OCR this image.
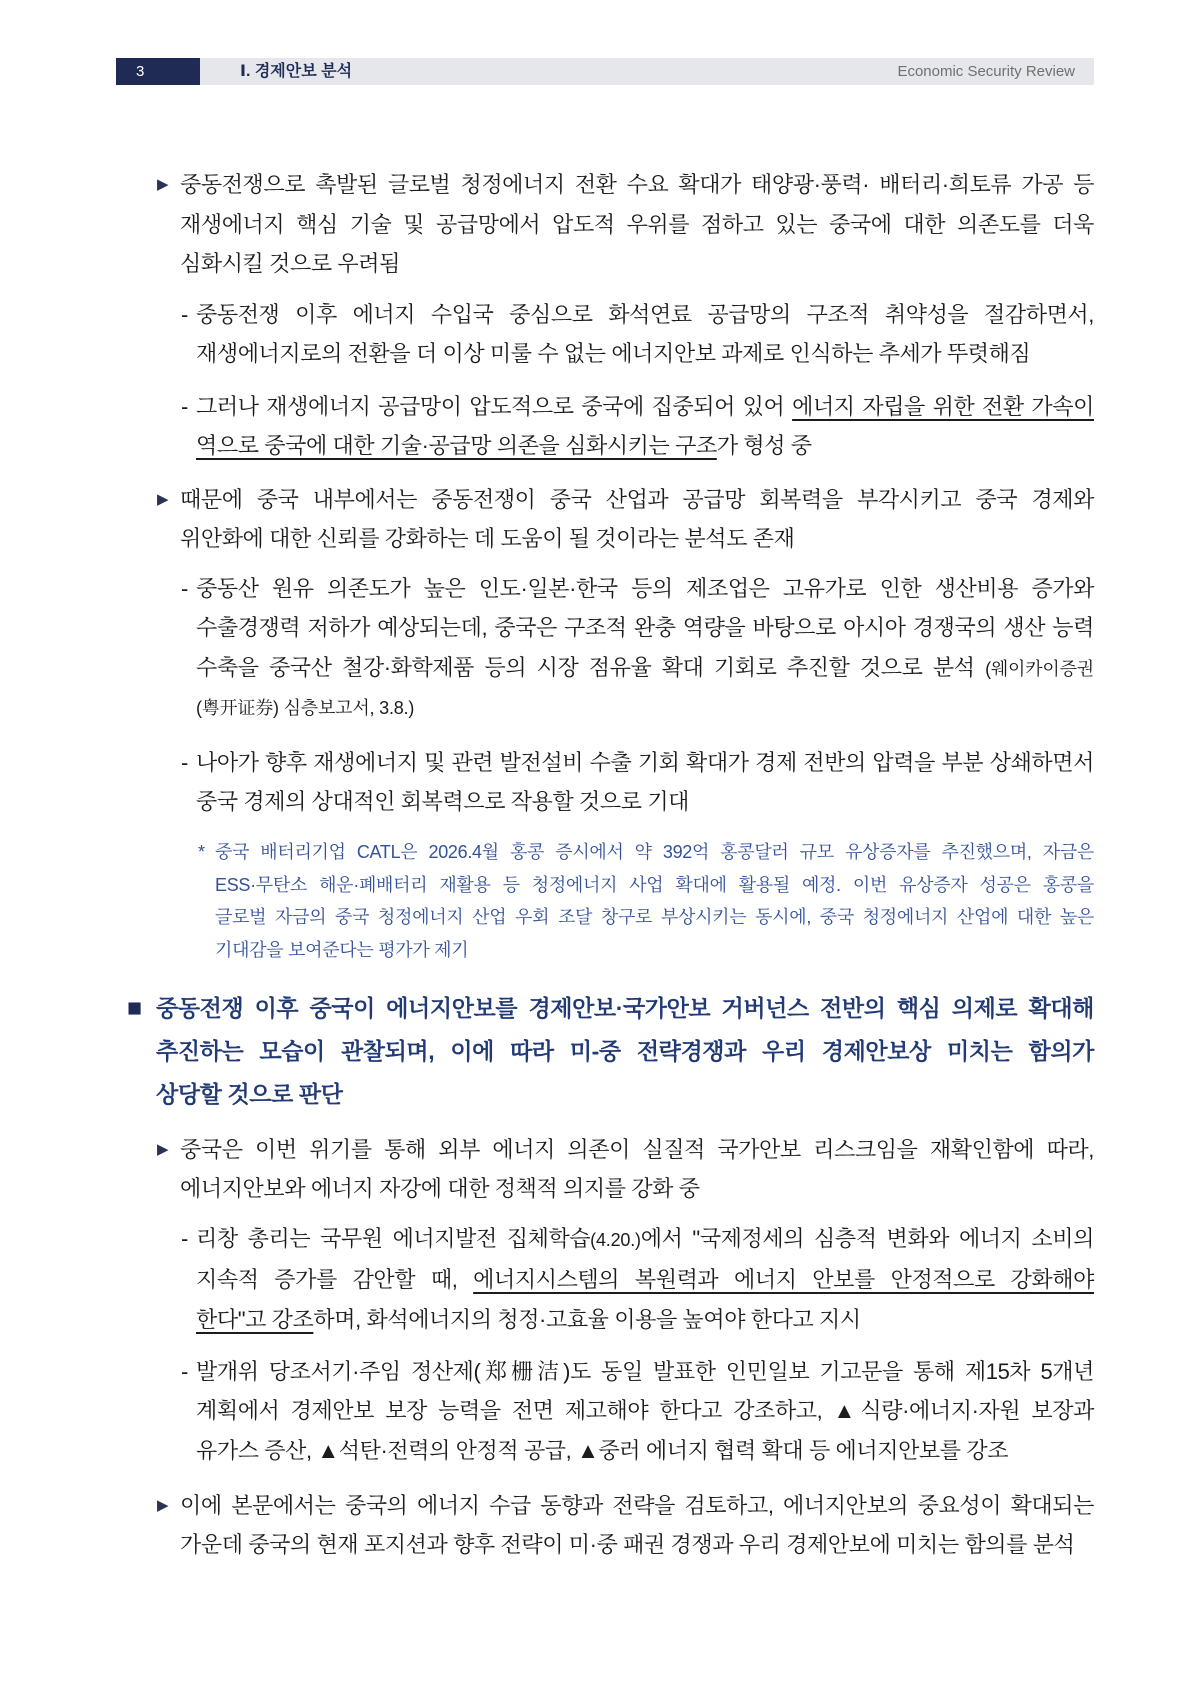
3	Ⅰ. 경제안보 분석	Economic Security Review
▶ 중동전쟁으로 촉발된 글로벌 청정에너지 전환 수요 확대가 태양광·풍력· 배터리·희토류 가공 등
재생에너지 핵심 기술 및 공급망에서 압도적 우위를 점하고 있는 중국에 대한 의존도를 더욱
심화시킬 것으로 우려됨
- 중동전쟁 이후 에너지 수입국 중심으로 화석연료 공급망의 구조적 취약성을 절감하면서,
재생에너지로의 전환을 더 이상 미룰 수 없는 에너지안보 과제로 인식하는 추세가 뚜렷해짐
- 그러나 재생에너지 공급망이 압도적으로 중국에 집중되어 있어 에너지 자립을 위한 전환 가속이
역으로 중국에 대한 기술·공급망 의존을 심화시키는 구조가 형성 중
▶ 때문에 중국 내부에서는 중동전쟁이 중국 산업과 공급망 회복력을 부각시키고 중국 경제와
위안화에 대한 신뢰를 강화하는 데 도움이 될 것이라는 분석도 존재
- 중동산 원유 의존도가 높은 인도·일본·한국 등의 제조업은 고유가로 인한 생산비용 증가와
수출경쟁력 저하가 예상되는데, 중국은 구조적 완충 역량을 바탕으로 아시아 경쟁국의 생산 능력
수축을 중국산 철강·화학제품 등의 시장 점유율 확대 기회로 추진할 것으로 분석 (웨이카이증권
(粤开证券) 심층보고서, 3.8.)
- 나아가 향후 재생에너지 및 관련 발전설비 수출 기회 확대가 경제 전반의 압력을 부분 상쇄하면서
중국 경제의 상대적인 회복력으로 작용할 것으로 기대
* 중국 배터리기업 CATL은 2026.4월 홍콩 증시에서 약 392억 홍콩달러 규모 유상증자를 추진했으며, 자금은
ESS·무탄소 해운·폐배터리 재활용 등 청정에너지 사업 확대에 활용될 예정. 이번 유상증자 성공은 홍콩을
글로벌 자금의 중국 청정에너지 산업 우회 조달 창구로 부상시키는 동시에, 중국 청정에너지 산업에 대한 높은
기대감을 보여준다는 평가가 제기
■ 중동전쟁 이후 중국이 에너지안보를 경제안보·국가안보 거버넌스 전반의 핵심 의제로 확대해
추진하는 모습이 관찰되며, 이에 따라 미-중 전략경쟁과 우리 경제안보상 미치는 함의가
상당할 것으로 판단
▶ 중국은 이번 위기를 통해 외부 에너지 의존이 실질적 국가안보 리스크임을 재확인함에 따라,
에너지안보와 에너지 자강에 대한 정책적 의지를 강화 중
- 리창 총리는 국무원 에너지발전 집체학습(4.20.)에서 "국제정세의 심층적 변화와 에너지 소비의
지속적 증가를 감안할 때, 에너지시스템의 복원력과 에너지 안보를 안정적으로 강화해야
한다"고 강조하며, 화석에너지의 청정·고효율 이용을 높여야 한다고 지시
- 발개위 당조서기·주임 정산제(郑栅洁)도 동일 발표한 인민일보 기고문을 통해 제15차 5개년
계획에서 경제안보 보장 능력을 전면 제고해야 한다고 강조하고, ▲식량·에너지·자원 보장과
유가스 증산, ▲석탄·전력의 안정적 공급, ▲중러 에너지 협력 확대 등 에너지안보를 강조
▶ 이에 본문에서는 중국의 에너지 수급 동향과 전략을 검토하고, 에너지안보의 중요성이 확대되는
가운데 중국의 현재 포지션과 향후 전략이 미·중 패권 경쟁과 우리 경제안보에 미치는 함의를 분석
